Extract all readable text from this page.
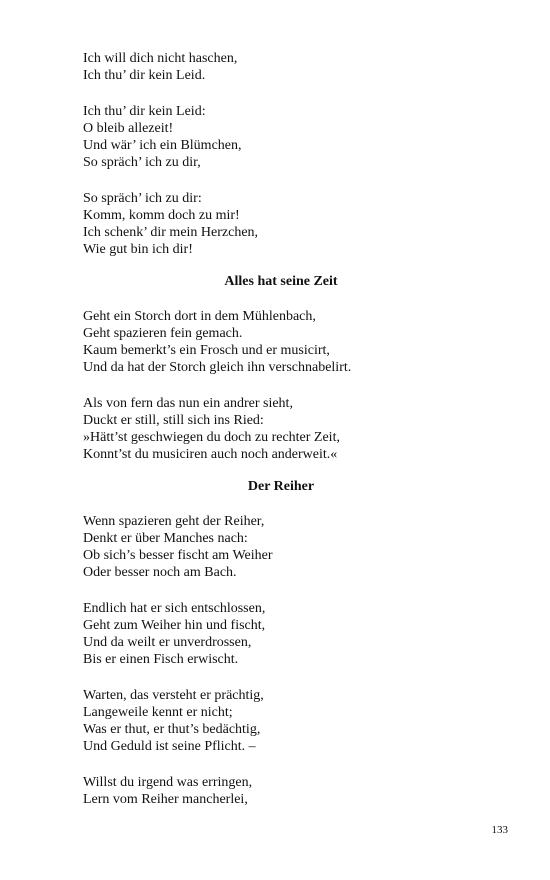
Ich will dich nicht haschen,
Ich thu’ dir kein Leid.
Ich thu’ dir kein Leid:
O bleib allezeit!
Und wär’ ich ein Blümchen,
So spräch’ ich zu dir,
So spräch’ ich zu dir:
Komm, komm doch zu mir!
Ich schenk’ dir mein Herzchen,
Wie gut bin ich dir!
Alles hat seine Zeit
Geht ein Storch dort in dem Mühlenbach,
Geht spazieren fein gemach.
Kaum bemerkt’s ein Frosch und er musicirt,
Und da hat der Storch gleich ihn verschnabelirt.
Als von fern das nun ein andrer sieht,
Duckt er still, still sich ins Ried:
»Hätt’st geschwiegen du doch zu rechter Zeit,
Konnt’st du musiciren auch noch anderweit.«
Der Reiher
Wenn spazieren geht der Reiher,
Denkt er über Manches nach:
Ob sich’s besser fischt am Weiher
Oder besser noch am Bach.
Endlich hat er sich entschlossen,
Geht zum Weiher hin und fischt,
Und da weilt er unverdrossen,
Bis er einen Fisch erwischt.
Warten, das versteht er prächtig,
Langeweile kennt er nicht;
Was er thut, er thut’s bedächtig,
Und Geduld ist seine Pflicht. –
Willst du irgend was erringen,
Lern vom Reiher mancherlei,
133
